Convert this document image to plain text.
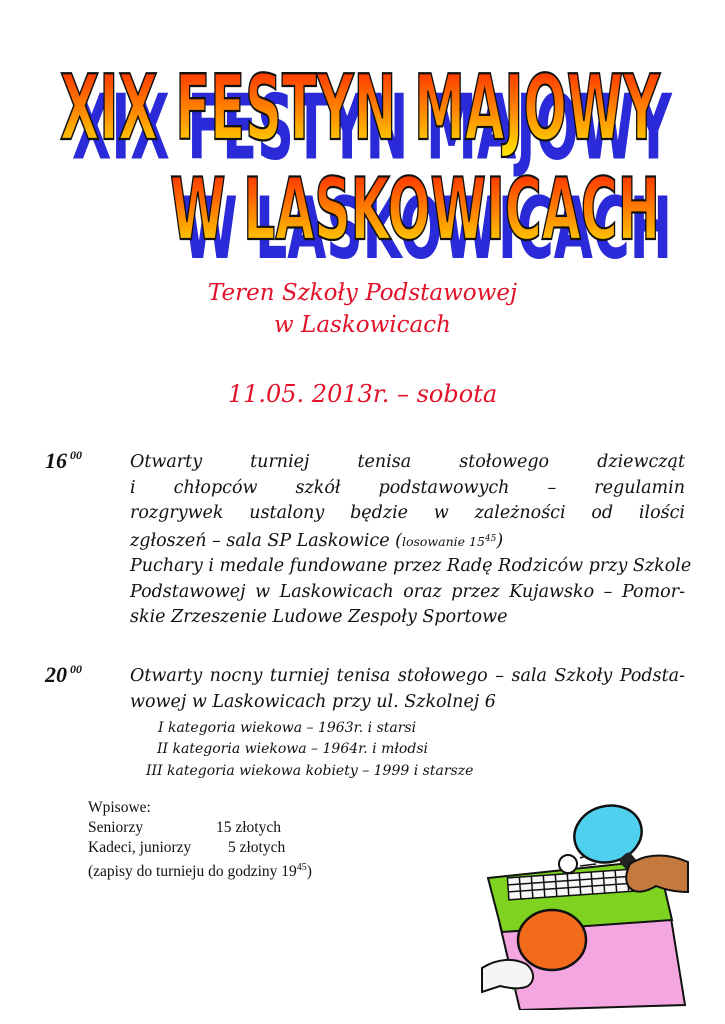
XIX FESTYN MAJOWY
XIX FESTYN MAJOWY
W LASKOWICACH
W LASKOWICACH
Teren Szkoły Podstawowej
w Laskowicach
11.05. 2013r. – sobota
16 $^{00}$	Otwarty turniej tenisa stołowego dziewcząt
i chłopców szkół podstawowych – regulamin
rozgrywek ustalony będzie w zależności od ilości
zgłoszeń – sala SP Laskowice (losowanie $15^{45}$)
Puchary i medale fundowane przez Radę Rodziców przy Szkole
Podstawowej w Laskowicach oraz przez Kujawsko – Pomor-
skie Zrzeszenie Ludowe Zespoły Sportowe
20 $^{00}$	Otwarty nocny turniej tenisa stołowego – sala Szkoły Podsta-
wowej w Laskowicach przy ul. Szkolnej 6
I kategoria wiekowa – 1963r. i starsi
II kategoria wiekowa – 1964r. i młodsi
III kategoria wiekowa kobiety – 1999 i starsze
Wpisowe:
Seniorzy	15 złotych
Kadeci, juniorzy	5 złotych
(zapisy do turnieju do godziny $19^{45}$)
